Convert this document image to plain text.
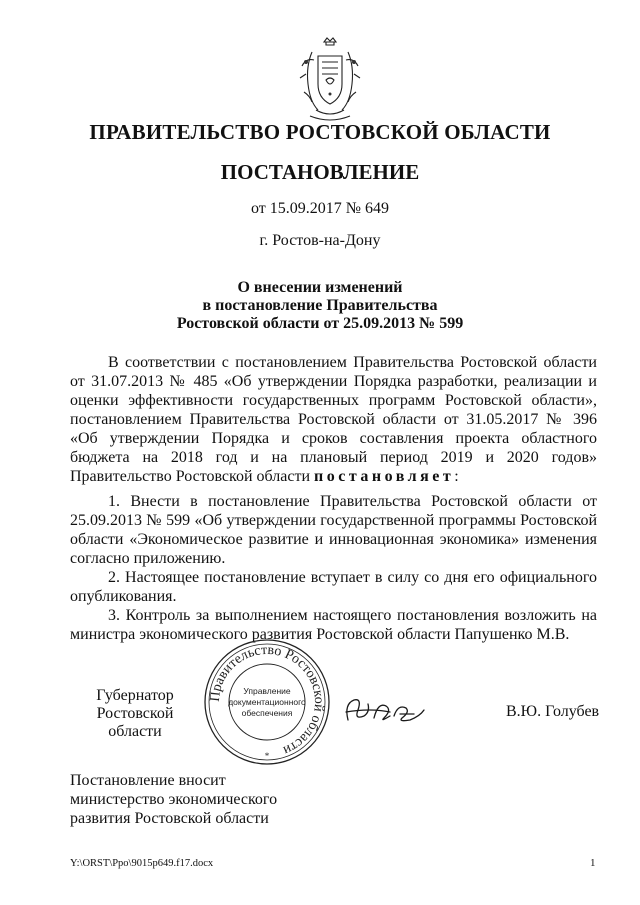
ПРАВИТЕЛЬСТВО РОСТОВСКОЙ ОБЛАСТИ
ПОСТАНОВЛЕНИЕ
от 15.09.2017 № 649
г. Ростов-на-Дону
О внесении изменений
в постановление Правительства
Ростовской области от 25.09.2013 № 599

В соответствии с постановлением Правительства Ростовской области от 31.07.2013 № 485 «Об утверждении Порядка разработки, реализации и оценки эффективности государственных программ Ростовской области», постановлением Правительства Ростовской области от 31.05.2017 № 396 «Об утверждении Порядка и сроков составления проекта областного бюджета на 2018 год и на плановый период 2019 и 2020 годов» Правительство Ростовской области постановляет:

1. Внести в постановление Правительства Ростовской области от 25.09.2013 № 599 «Об утверждении государственной программы Ростовской области «Экономическое развитие и инновационная экономика» изменения согласно приложению.

2. Настоящее постановление вступает в силу со дня его официального опубликования.

3. Контроль за выполнением настоящего постановления возложить на министра экономического развития Ростовской области Папушенко М.В.

Губернатор
Ростовской области
Правительство Ростовской области
Управление
документационного
обеспечения
*
В.Ю. Голубев
Постановление вносит
министерство экономического
развития Ростовской области
Y:\ORST\Ppo\9015p649.f17.docx	1
